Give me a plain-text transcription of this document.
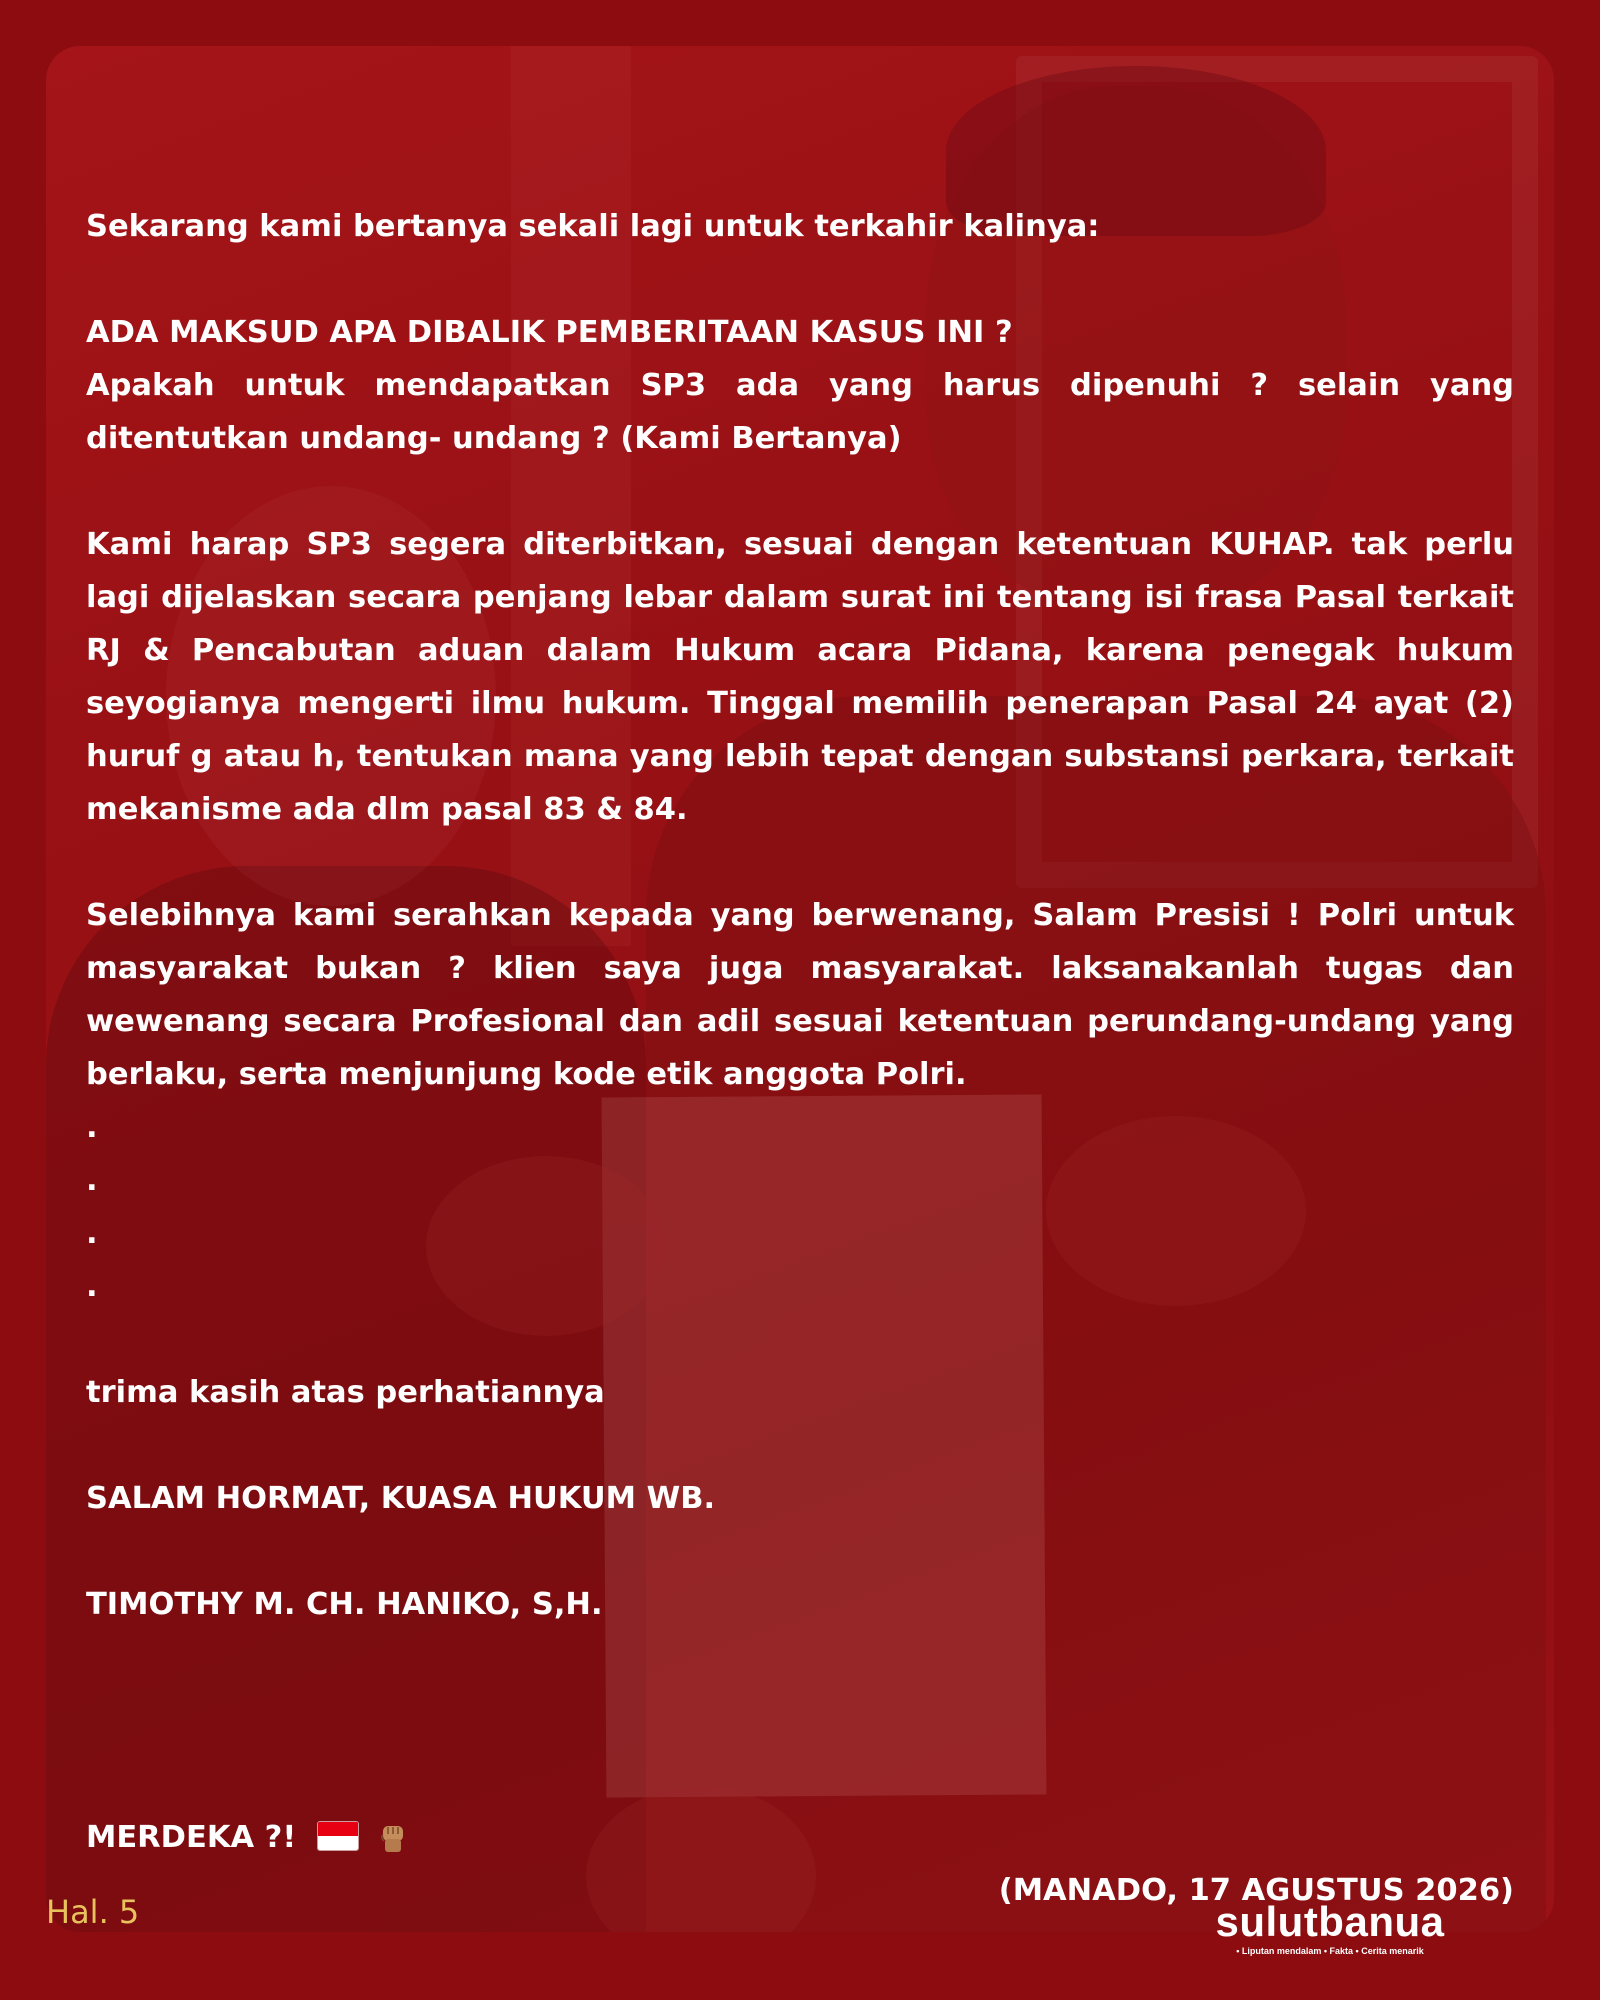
Sekarang kami bertanya sekali lagi untuk terkahir kalinya:

ADA MAKSUD APA DIBALIK PEMBERITAAN KASUS INI ?

Apakah untuk mendapatkan SP3 ada yang harus dipenuhi ? selain yang ditentutkan undang- undang ? (Kami Bertanya)

Kami harap SP3 segera diterbitkan, sesuai dengan ketentuan KUHAP. tak perlu lagi dijelaskan secara penjang lebar dalam surat ini tentang isi frasa Pasal terkait RJ & Pencabutan aduan dalam Hukum acara Pidana, karena penegak hukum seyogianya mengerti ilmu hukum. Tinggal memilih penerapan Pasal 24 ayat (2) huruf g atau h, tentukan mana yang lebih tepat dengan substansi perkara, terkait mekanisme ada dlm pasal 83 & 84.

Selebihnya kami serahkan kepada yang berwenang, Salam Presisi ! Polri untuk masyarakat bukan ? klien saya juga masyarakat. laksanakanlah tugas dan wewenang secara Profesional dan adil sesuai ketentuan perundang-undang yang berlaku, serta menjunjung kode etik anggota Polri.

.

.

.

.

trima kasih atas perhatiannya

SALAM HORMAT, KUASA HUKUM WB.

TIMOTHY M. CH. HANIKO, S,H.

MERDEKA ?!

(MANADO, 17 AGUSTUS 2026)
Hal. 5	sulutbanua
• Liputan mendalam • Fakta • Cerita menarik
